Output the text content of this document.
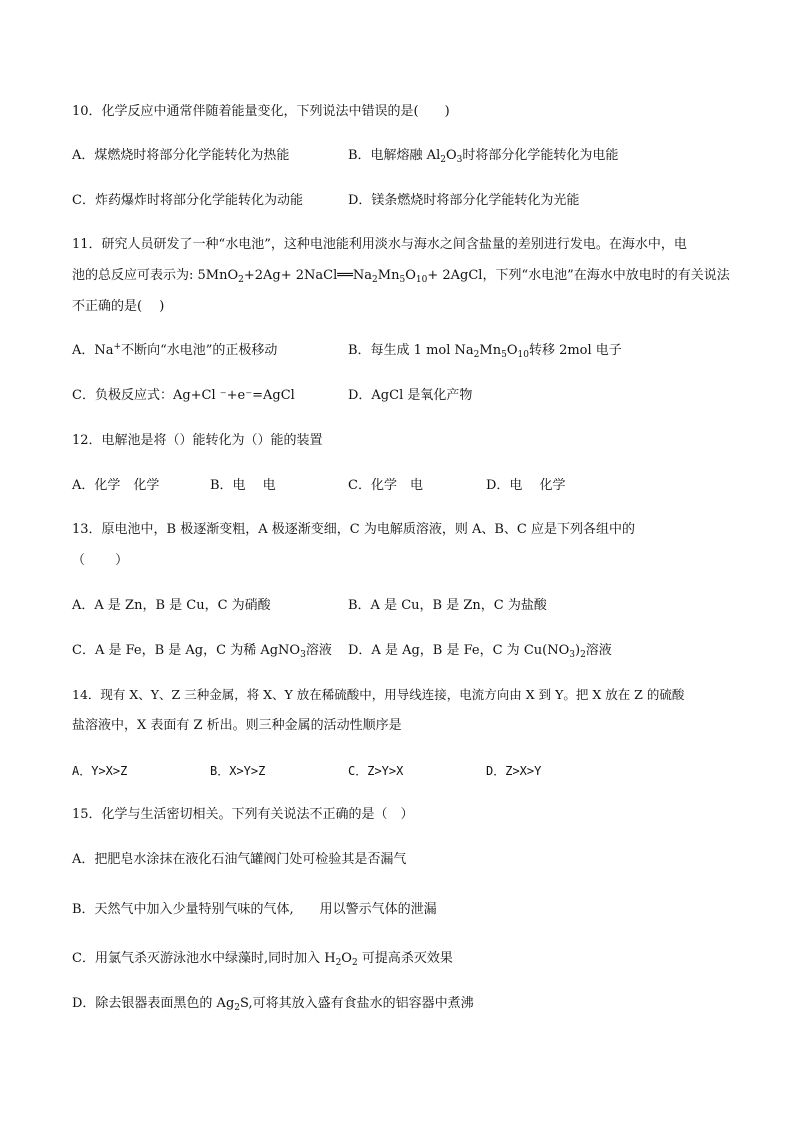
10．化学反应中通常伴随着能量变化，下列说法中错误的是(　　)
A．煤燃烧时将部分化学能转化为热能	B．电解熔融 $Al_2O_3$时将部分化学能转化为电能
C．炸药爆炸时将部分化学能转化为动能	D．镁条燃烧时将部分化学能转化为光能
11．研究人员研发了一种“水电池”，这种电池能利用淡水与海水之间含盐量的差别进行发电。在海水中，电
池的总反应可表示为: $5MnO_2+2Ag+ 2NaCl══Na_2Mn_5O_{10}+$ 2AgCl，下列“水电池”在海水中放电时的有关说法
不正确的是(　 )
A．Na+不断向“水电池”的正极移动	B．每生成 1 mol $Na_2Mn_5O_{10}$转移 2mol 电子
C．负极反应式：Ag+Cl ⁻+e⁻=AgCl	D．AgCl 是氧化产物
12．电解池是将（）能转化为（）能的装置
A．化学　化学	B．电　 电	C．化学　电	D．电　 化学
13．原电池中，B 极逐渐变粗，A 极逐渐变细，C 为电解质溶液，则 A、B、C 应是下列各组中的
（　　 ）
A．A 是 Zn，B 是 Cu，C 为硝酸	B．A 是 Cu，B 是 Zn，C 为盐酸
C．A 是 Fe，B 是 Ag，C 为稀 AgNO$_3$溶液 D．A 是 Ag，B 是 Fe，C 为 $Cu(NO_3)_2$溶液
14．现有 X、Y、Z 三种金属，将 X、Y 放在稀硫酸中，用导线连接，电流方向由 X 到 Y。把 X 放在 Z 的硫酸
盐溶液中，X 表面有 Z 析出。则三种金属的活动性顺序是
A．Y>X>Z	B．X>Y>Z	C．Z>Y>X	D．Z>X>Y
15．化学与生活密切相关。下列有关说法不正确的是（　）
A．把肥皂水涂抹在液化石油气罐阀门处可检验其是否漏气
B．天然气中加入少量特别气味的气体,　　用以警示气体的泄漏
C．用氯气杀灭游泳池水中绿藻时,同时加入 $H_2O_2$ 可提高杀灭效果
D．除去银器表面黑色的 $Ag_2S$,可将其放入盛有食盐水的铝容器中煮沸
